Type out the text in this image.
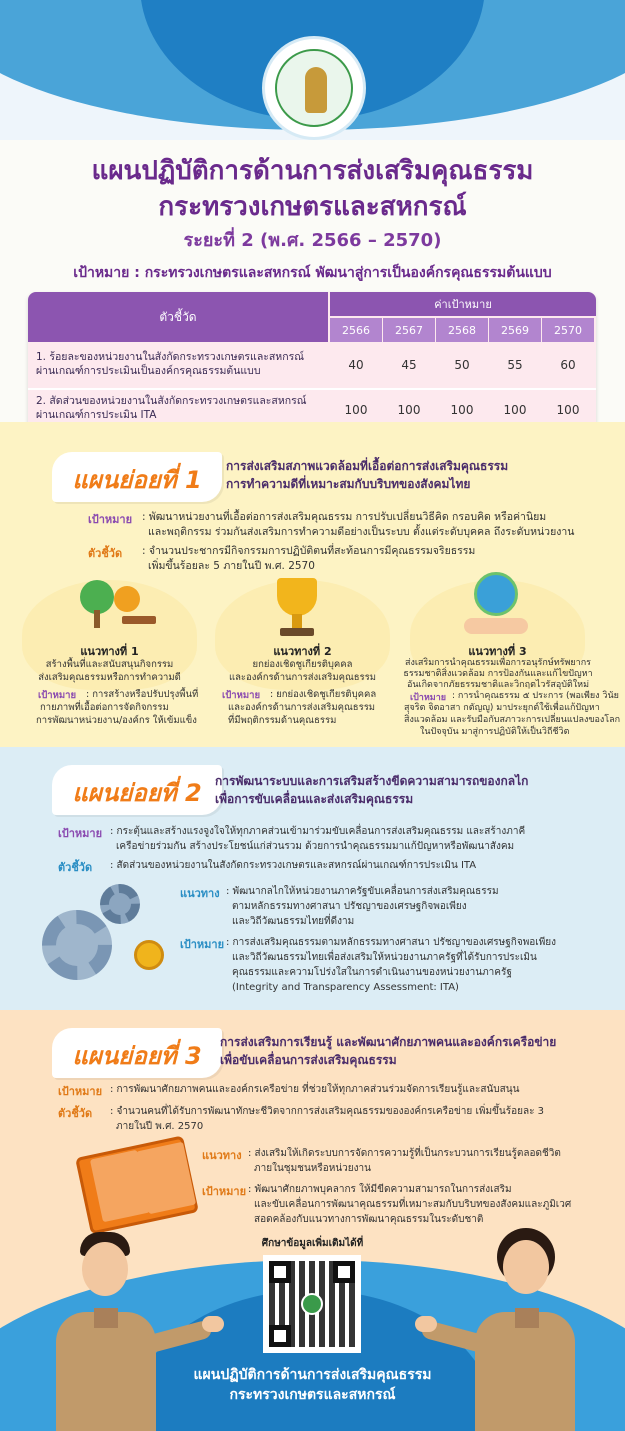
แผนปฏิบัติการด้านการส่งเสริมคุณธรรม
กระทรวงเกษตรและสหกรณ์
ระยะที่ 2 (พ.ศ. 2566 – 2570)
เป้าหมาย : กระทรวงเกษตรและสหกรณ์ พัฒนาสู่การเป็นองค์กรคุณธรรมต้นแบบ
ตัวชี้วัด
ค่าเป้าหมาย
2566	2567	2568	2569	2570
1. ร้อยละของหน่วยงานในสังกัดกระทรวงเกษตรและสหกรณ์ ผ่านเกณฑ์การประเมินเป็นองค์กรคุณธรรมต้นแบบ	40	45	50	55	60
2. สัดส่วนของหน่วยงานในสังกัดกระทรวงเกษตรและสหกรณ์ ผ่านเกณฑ์การประเมิน ITA	100	100	100	100	100
แผนย่อยที่ 1	การส่งเสริมสภาพแวดล้อมที่เอื้อต่อการส่งเสริมคุณธรรม
การทำความดีที่เหมาะสมกับบริบทของสังคมไทย
เป้าหมาย : พัฒนาหน่วยงานที่เอื้อต่อการส่งเสริมคุณธรรม การปรับเปลี่ยนวิธีคิด กรอบคิด หรือค่านิยม
และพฤติกรรม ร่วมกันส่งเสริมการทำความดีอย่างเป็นระบบ ตั้งแต่ระดับบุคคล ถึงระดับหน่วยงาน
ตัวชี้วัด : จำนวนประชากรมีกิจกรรมการปฏิบัติตนที่สะท้อนการมีคุณธรรมจริยธรรม
เพิ่มขึ้นร้อยละ 5 ภายในปี พ.ศ. 2570
แนวทางที่ 1
สร้างพื้นที่และสนับสนุนกิจกรรม
ส่งเสริมคุณธรรมหรือการทำความดี
เป้าหมาย : การสร้างหรือปรับปรุงพื้นที่
กายภาพที่เอื้อต่อการจัดกิจกรรม
การพัฒนาหน่วยงาน/องค์กร ให้เข้มแข็ง
แนวทางที่ 2
ยกย่องเชิดชูเกียรติบุคคล
และองค์กรด้านการส่งเสริมคุณธรรม
เป้าหมาย : ยกย่องเชิดชูเกียรติบุคคล
และองค์กรด้านการส่งเสริมคุณธรรม
ที่มีพฤติกรรมด้านคุณธรรม
แนวทางที่ 3
ส่งเสริมการนำคุณธรรมเพื่อการอนุรักษ์ทรัพยากร
ธรรมชาติสิ่งแวดล้อม การป้องกันและแก้ไขปัญหา
อันเกิดจากภัยธรรมชาติและวิกฤตไวรัสอุบัติใหม่
เป้าหมาย : การนำคุณธรรม ๕ ประการ (พอเพียง วินัย
สุจริต จิตอาสา กตัญญู) มาประยุกต์ใช้เพื่อแก้ปัญหา
สิ่งแวดล้อม และรับมือกับสภาวะการเปลี่ยนแปลงของโลก
ในปัจจุบัน มาสู่การปฏิบัติให้เป็นวิถีชีวิต
แผนย่อยที่ 2	การพัฒนาระบบและการเสริมสร้างขีดความสามารถของกลไก
เพื่อการขับเคลื่อนและส่งเสริมคุณธรรม
เป้าหมาย : กระตุ้นและสร้างแรงจูงใจให้ทุกภาคส่วนเข้ามาร่วมขับเคลื่อนการส่งเสริมคุณธรรม และสร้างภาคี
เครือข่ายร่วมกัน สร้างประโยชน์แก่ส่วนรวม ด้วยการนำคุณธรรมมาแก้ปัญหาหรือพัฒนาสังคม
ตัวชี้วัด : สัดส่วนของหน่วยงานในสังกัดกระทรวงเกษตรและสหกรณ์ผ่านเกณฑ์การประเมิน ITA
แนวทาง : พัฒนากลไกให้หน่วยงานภาครัฐขับเคลื่อนการส่งเสริมคุณธรรม
ตามหลักธรรมทางศาสนา ปรัชญาของเศรษฐกิจพอเพียง
และวิถีวัฒนธรรมไทยที่ดีงาม
เป้าหมาย : การส่งเสริมคุณธรรมตามหลักธรรมทางศาสนา ปรัชญาของเศรษฐกิจพอเพียง
และวิถีวัฒนธรรมไทยเพื่อส่งเสริมให้หน่วยงานภาครัฐที่ได้รับการประเมิน
คุณธรรมและความโปร่งใสในการดำเนินงานของหน่วยงานภาครัฐ
(Integrity and Transparency Assessment: ITA)
แผนย่อยที่ 3	การส่งเสริมการเรียนรู้ และพัฒนาศักยภาพคนและองค์กรเครือข่าย
เพื่อขับเคลื่อนการส่งเสริมคุณธรรม
เป้าหมาย : การพัฒนาศักยภาพคนและองค์กรเครือข่าย ที่ช่วยให้ทุกภาคส่วนร่วมจัดการเรียนรู้และสนับสนุน
ตัวชี้วัด : จำนวนคนที่ได้รับการพัฒนาทักษะชีวิตจากการส่งเสริมคุณธรรมขององค์กรเครือข่าย เพิ่มขึ้นร้อยละ 3
ภายในปี พ.ศ. 2570
แนวทาง : ส่งเสริมให้เกิดระบบการจัดการความรู้ที่เป็นกระบวนการเรียนรู้ตลอดชีวิต
ภายในชุมชนหรือหน่วยงาน
เป้าหมาย : พัฒนาศักยภาพบุคลากร ให้มีขีดความสามารถในการส่งเสริม
และขับเคลื่อนการพัฒนาคุณธรรมที่เหมาะสมกับบริบทของสังคมและภูมิเวศ
สอดคล้องกับแนวทางการพัฒนาคุณธรรมในระดับชาติ
ศึกษาข้อมูลเพิ่มเติมได้ที่
แผนปฏิบัติการด้านการส่งเสริมคุณธรรม
กระทรวงเกษตรและสหกรณ์
